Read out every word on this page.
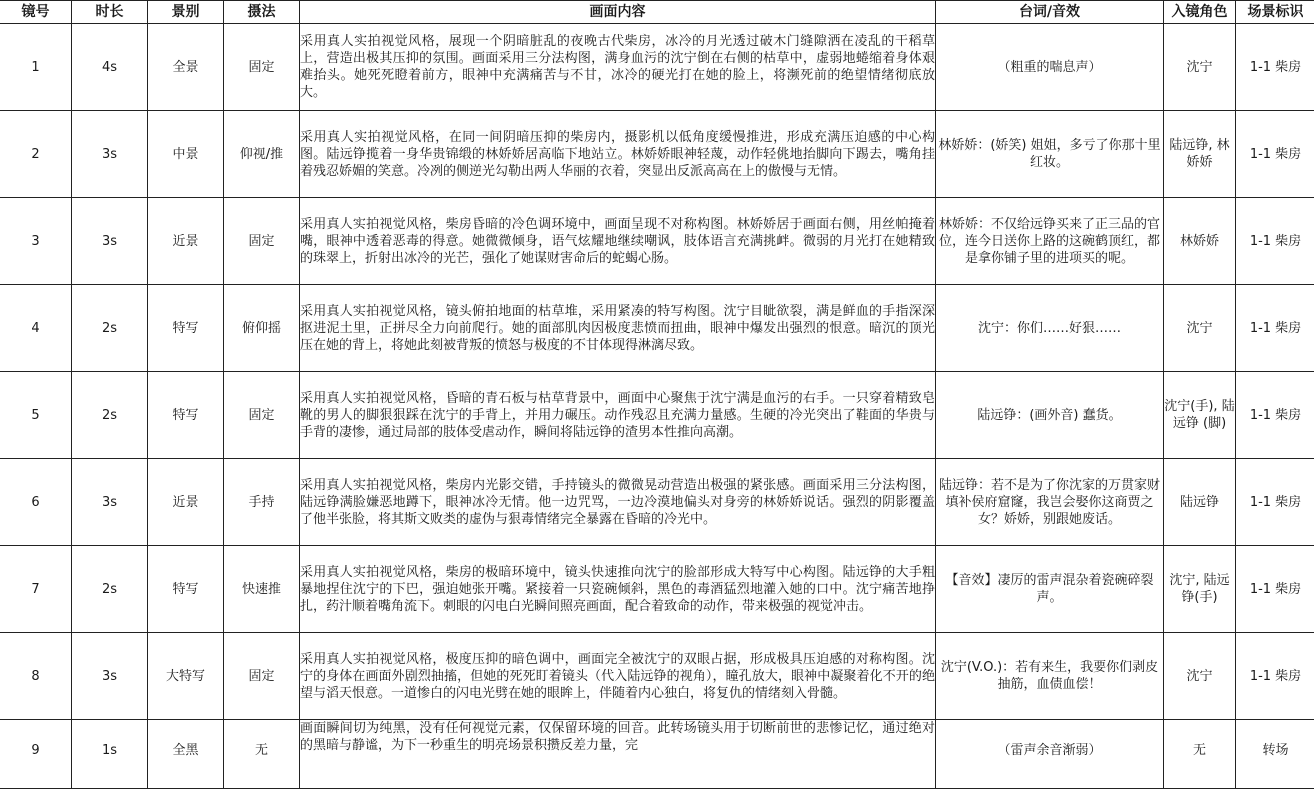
镜号	时长	景别	摄法	画面内容	台词/音效	入镜角色	场景标识
1	4s	全景	固定	采用真人实拍视觉风格，展现一个阴暗脏乱的夜晚古代柴房，冰冷的月光透过破木门缝隙洒在凌乱的干稻草上，营造出极其压抑的氛围。画面采用三分法构图，满身血污的沈宁倒在右侧的枯草中，虚弱地蜷缩着身体艰难抬头。她死死瞪着前方，眼神中充满痛苦与不甘，冰冷的硬光打在她的脸上，将濒死前的绝望情绪彻底放大。	（粗重的喘息声）	沈宁	1-1 柴房
2	3s	中景	仰视/推	采用真人实拍视觉风格，在同一间阴暗压抑的柴房内，摄影机以低角度缓慢推进，形成充满压迫感的中心构图。陆远铮揽着一身华贵锦缎的林娇娇居高临下地站立。林娇娇眼神轻蔑，动作轻佻地抬脚向下踢去，嘴角挂着残忍娇媚的笑意。冷冽的侧逆光勾勒出两人华丽的衣着，突显出反派高高在上的傲慢与无情。	林娇娇：(娇笑) 姐姐，多亏了你那十里红妆。	陆远铮, 林娇娇	1-1 柴房
3	3s	近景	固定	采用真人实拍视觉风格，柴房昏暗的冷色调环境中，画面呈现不对称构图。林娇娇居于画面右侧，用丝帕掩着嘴，眼神中透着恶毒的得意。她微微倾身，语气炫耀地继续嘲讽，肢体语言充满挑衅。微弱的月光打在她精致的珠翠上，折射出冰冷的光芒，强化了她谋财害命后的蛇蝎心肠。	林娇娇：不仅给远铮买来了正三品的官位，连今日送你上路的这碗鹤顶红，都是拿你铺子里的进项买的呢。	林娇娇	1-1 柴房
4	2s	特写	俯仰摇	采用真人实拍视觉风格，镜头俯拍地面的枯草堆，采用紧凑的特写构图。沈宁目眦欲裂，满是鲜血的手指深深抠进泥土里，正拼尽全力向前爬行。她的面部肌肉因极度悲愤而扭曲，眼神中爆发出强烈的恨意。暗沉的顶光压在她的背上，将她此刻被背叛的愤怒与极度的不甘体现得淋漓尽致。	沈宁：你们……好狠……	沈宁	1-1 柴房
5	2s	特写	固定	采用真人实拍视觉风格，昏暗的青石板与枯草背景中，画面中心聚焦于沈宁满是血污的右手。一只穿着精致皂靴的男人的脚狠狠踩在沈宁的手背上，并用力碾压。动作残忍且充满力量感。生硬的冷光突出了鞋面的华贵与手背的凄惨，通过局部的肢体受虐动作，瞬间将陆远铮的渣男本性推向高潮。	陆远铮：(画外音) 蠢货。	沈宁(手), 陆远铮 (脚)	1-1 柴房
6	3s	近景	手持	采用真人实拍视觉风格，柴房内光影交错，手持镜头的微微晃动营造出极强的紧张感。画面采用三分法构图，陆远铮满脸嫌恶地蹲下，眼神冰冷无情。他一边咒骂，一边冷漠地偏头对身旁的林娇娇说话。强烈的阴影覆盖了他半张脸，将其斯文败类的虚伪与狠毒情绪完全暴露在昏暗的冷光中。	陆远铮：若不是为了你沈家的万贯家财填补侯府窟窿，我岂会娶你这商贾之女？娇娇，别跟她废话。	陆远铮	1-1 柴房
7	2s	特写	快速推	采用真人实拍视觉风格，柴房的极暗环境中，镜头快速推向沈宁的脸部形成大特写中心构图。陆远铮的大手粗暴地捏住沈宁的下巴，强迫她张开嘴。紧接着一只瓷碗倾斜，黑色的毒酒猛烈地灌入她的口中。沈宁痛苦地挣扎，药汁顺着嘴角流下。刺眼的闪电白光瞬间照亮画面，配合着致命的动作，带来极强的视觉冲击。	【音效】凄厉的雷声混杂着瓷碗碎裂声。	沈宁, 陆远铮(手)	1-1 柴房
8	3s	大特写	固定	采用真人实拍视觉风格，极度压抑的暗色调中，画面完全被沈宁的双眼占据，形成极具压迫感的对称构图。沈宁的身体在画面外剧烈抽搐，但她的死死盯着镜头（代入陆远铮的视角），瞳孔放大，眼神中凝聚着化不开的绝望与滔天恨意。一道惨白的闪电光劈在她的眼眸上，伴随着内心独白，将复仇的情绪刻入骨髓。	沈宁(V.O.)：若有来生，我要你们剥皮抽筋，血债血偿！	沈宁	1-1 柴房
9	1s	全黑	无	画面瞬间切为纯黑，没有任何视觉元素，仅保留环境的回音。此转场镜头用于切断前世的悲惨记忆，通过绝对的黑暗与静谧，为下一秒重生的明亮场景积攒反差力量，完	（雷声余音渐弱）	无	转场
